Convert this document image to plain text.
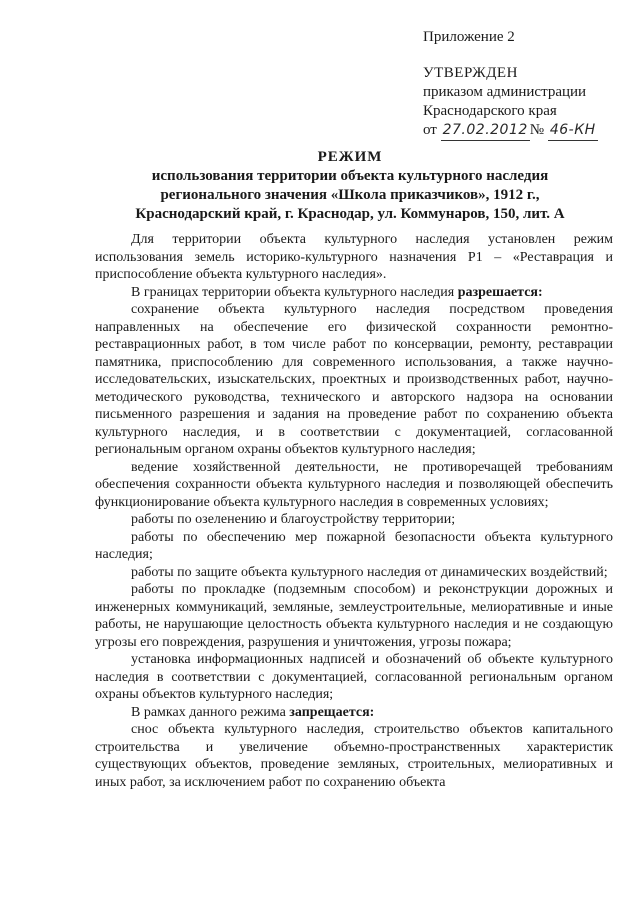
Приложение 2
УТВЕРЖДЕН
приказом администрации
Краснодарского края
от 27.02.2012 № 46-КН
РЕЖИМ
использования территории объекта культурного наследия
регионального значения «Школа приказчиков», 1912 г.,
Краснодарский край, г. Краснодар, ул. Коммунаров, 150, лит. А

Для территории объекта культурного наследия установлен режим использования земель историко-культурного назначения Р1 – «Реставрация и приспособление объекта культурного наследия».

В границах территории объекта культурного наследия разрешается:

сохранение объекта культурного наследия посредством проведения направленных на обеспечение его физической сохранности ремонтно-реставрационных работ, в том числе работ по консервации, ремонту, реставрации памятника, приспособлению для современного использования, а также научно-исследовательских, изыскательских, проектных и производственных работ, научно-методического руководства, технического и авторского надзора на основании письменного разрешения и задания на проведение работ по сохранению объекта культурного наследия, и в соответствии с документацией, согласованной региональным органом охраны объектов культурного наследия;

ведение хозяйственной деятельности, не противоречащей требованиям обеспечения сохранности объекта культурного наследия и позволяющей обеспечить функционирование объекта культурного наследия в современных условиях;

работы по озеленению и благоустройству территории;

работы по обеспечению мер пожарной безопасности объекта культурного наследия;

работы по защите объекта культурного наследия от динамических воздействий;

работы по прокладке (подземным способом) и реконструкции дорожных и инженерных коммуникаций, земляные, землеустроительные, мелиоративные и иные работы, не нарушающие целостность объекта культурного наследия и не создающую угрозы его повреждения, разрушения и уничтожения, угрозы пожара;

установка информационных надписей и обозначений об объекте культурного наследия в соответствии с документацией, согласованной региональным органом охраны объектов культурного наследия;

В рамках данного режима запрещается:

снос объекта культурного наследия, строительство объектов капитального строительства и увеличение объемно-пространственных характеристик существующих объектов, проведение земляных, строительных, мелиоративных и иных работ, за исключением работ по сохранению объекта
